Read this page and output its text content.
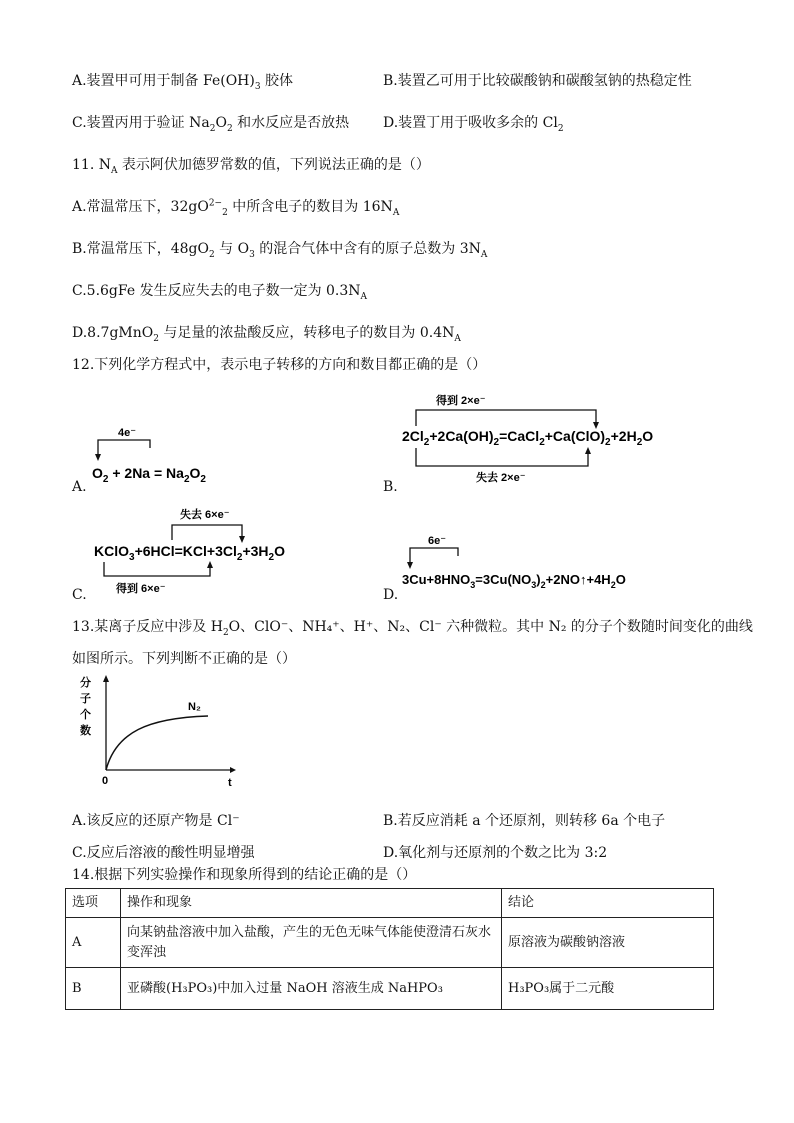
A.装置甲可用于制备 $Fe(OH)_3$ 胶体	B.装置乙可用于比较碳酸钠和碳酸氢钠的热稳定性
C.装置丙用于验证 $Na_2O_2$ 和水反应是否放热 D.装置丁用于吸收多余的 $Cl_2$
11. $N_A$ 表示阿伏加德罗常数的值，下列说法正确的是（）
A.常温常压下，$32gO^{2-}_2$ 中所含电子的数目为 $16N_A$
B.常温常压下，$48gO_2$ 与 $O_3$ 的混合气体中含有的原子总数为 $3N_A$
C.5.6gFe 发生反应失去的电子数一定为 $0.3N_A$
D.8.7gMnO$_2$ 与足量的浓盐酸反应，转移电子的数目为 $0.4N_A$
12.下列化学方程式中，表示电子转移的方向和数目都正确的是（）
A.
4e⁻
$O_2 + 2Na = Na_2O_2$	B.
得到 2×e⁻
$2Cl_2+2Ca(OH)_2=CaCl_2+Ca(ClO)_2+2H_2O$
失去 2×e⁻
C.
失去 6×e⁻
$KClO_3+6HCl=KCl+3Cl_2+3H_2O$
得到 6×e⁻	D.
6e⁻
$3Cu+8HNO_3=3Cu(NO_3)_2+2NO↑+4H_2O$
13.某离子反应中涉及 $H_2O$、ClO⁻、NH₄⁺、H⁺、N₂、Cl⁻ 六种微粒。其中 N₂ 的分子个数随时间变化的曲线
如图所示。下列判断不正确的是（）
分
子
个
数
N₂
0	t
A.该反应的还原产物是 Cl⁻	B.若反应消耗 a 个还原剂，则转移 6a 个电子
C.反应后溶液的酸性明显增强	D.氧化剂与还原剂的个数之比为 3:2
14.根据下列实验操作和现象所得到的结论正确的是（）
选项	操作和现象	结论
A	向某钠盐溶液中加入盐酸，产生的无色无味气体能使澄清石灰水变浑浊	原溶液为碳酸钠溶液
B	亚磷酸(H₃PO₃)中加入过量 NaOH 溶液生成 NaHPO₃	H₃PO₃属于二元酸
